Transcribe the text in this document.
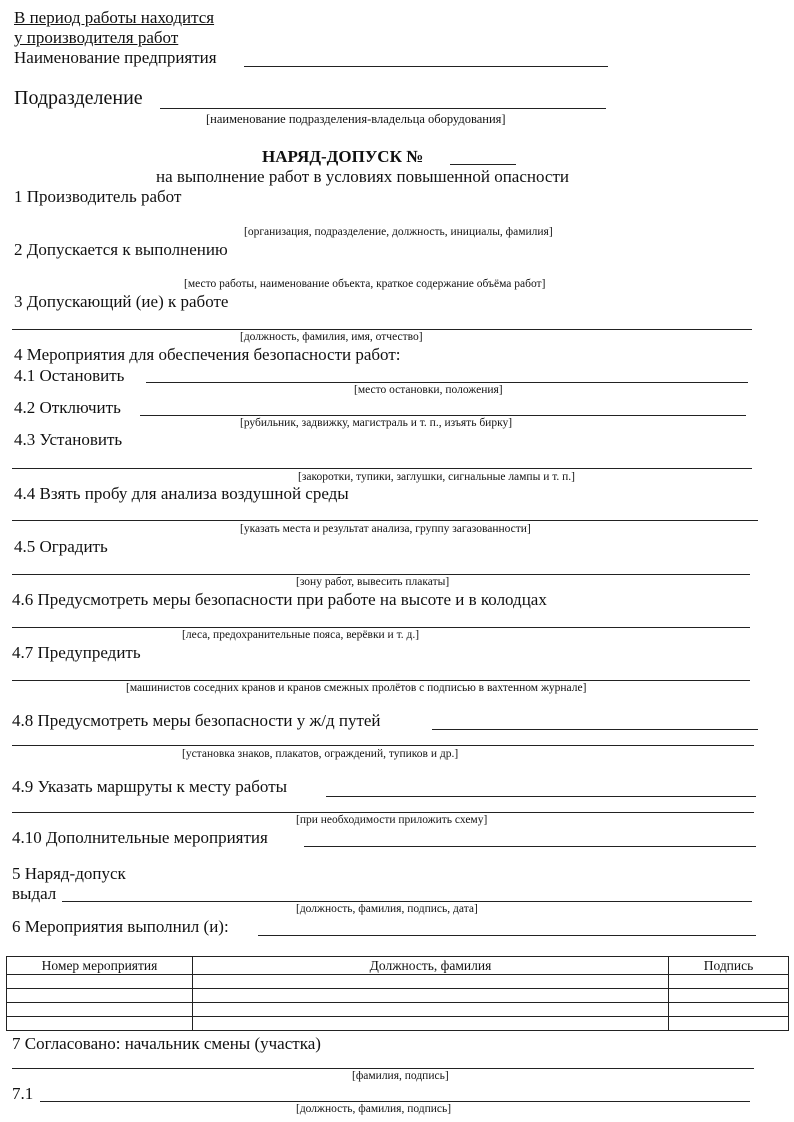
В период работы находится
у производителя работ
Наименование предприятия
Подразделение
[наименование подразделения-владельца оборудования]
НАРЯД-ДОПУСК №
на выполнение работ в условиях повышенной опасности
1 Производитель работ
[организация, подразделение, должность, инициалы, фамилия]
2 Допускается к выполнению
[место работы, наименование объекта, краткое содержание объёма работ]
3 Допускающий (ие) к работе
[должность, фамилия, имя, отчество]
4 Мероприятия для обеспечения безопасности работ:
4.1 Остановить
[место остановки, положения]
4.2 Отключить
[рубильник, задвижку, магистраль и т. п., изъять бирку]
4.3 Установить
[закоротки, тупики, заглушки, сигнальные лампы и т. п.]
4.4 Взять пробу для анализа воздушной среды
[указать места и результат анализа, группу загазованности]
4.5 Оградить
[зону работ, вывесить плакаты]
4.6 Предусмотреть меры безопасности при работе на высоте и в колодцах
[леса, предохранительные пояса, верёвки и т. д.]
4.7 Предупредить
[машинистов соседних кранов и кранов смежных пролётов с подписью в вахтенном журнале]
4.8 Предусмотреть меры безопасности у ж/д путей
[установка знаков, плакатов, ограждений, тупиков и др.]
4.9 Указать маршруты к месту работы
[при необходимости приложить схему]
4.10 Дополнительные мероприятия
5 Наряд-допуск
выдал
[должность, фамилия, подпись, дата]
6 Мероприятия выполнил (и):
Номер мероприятия	Должность, фамилия	Подпись

7 Согласовано: начальник смены (участка)
[фамилия, подпись]
7.1
[должность, фамилия, подпись]
